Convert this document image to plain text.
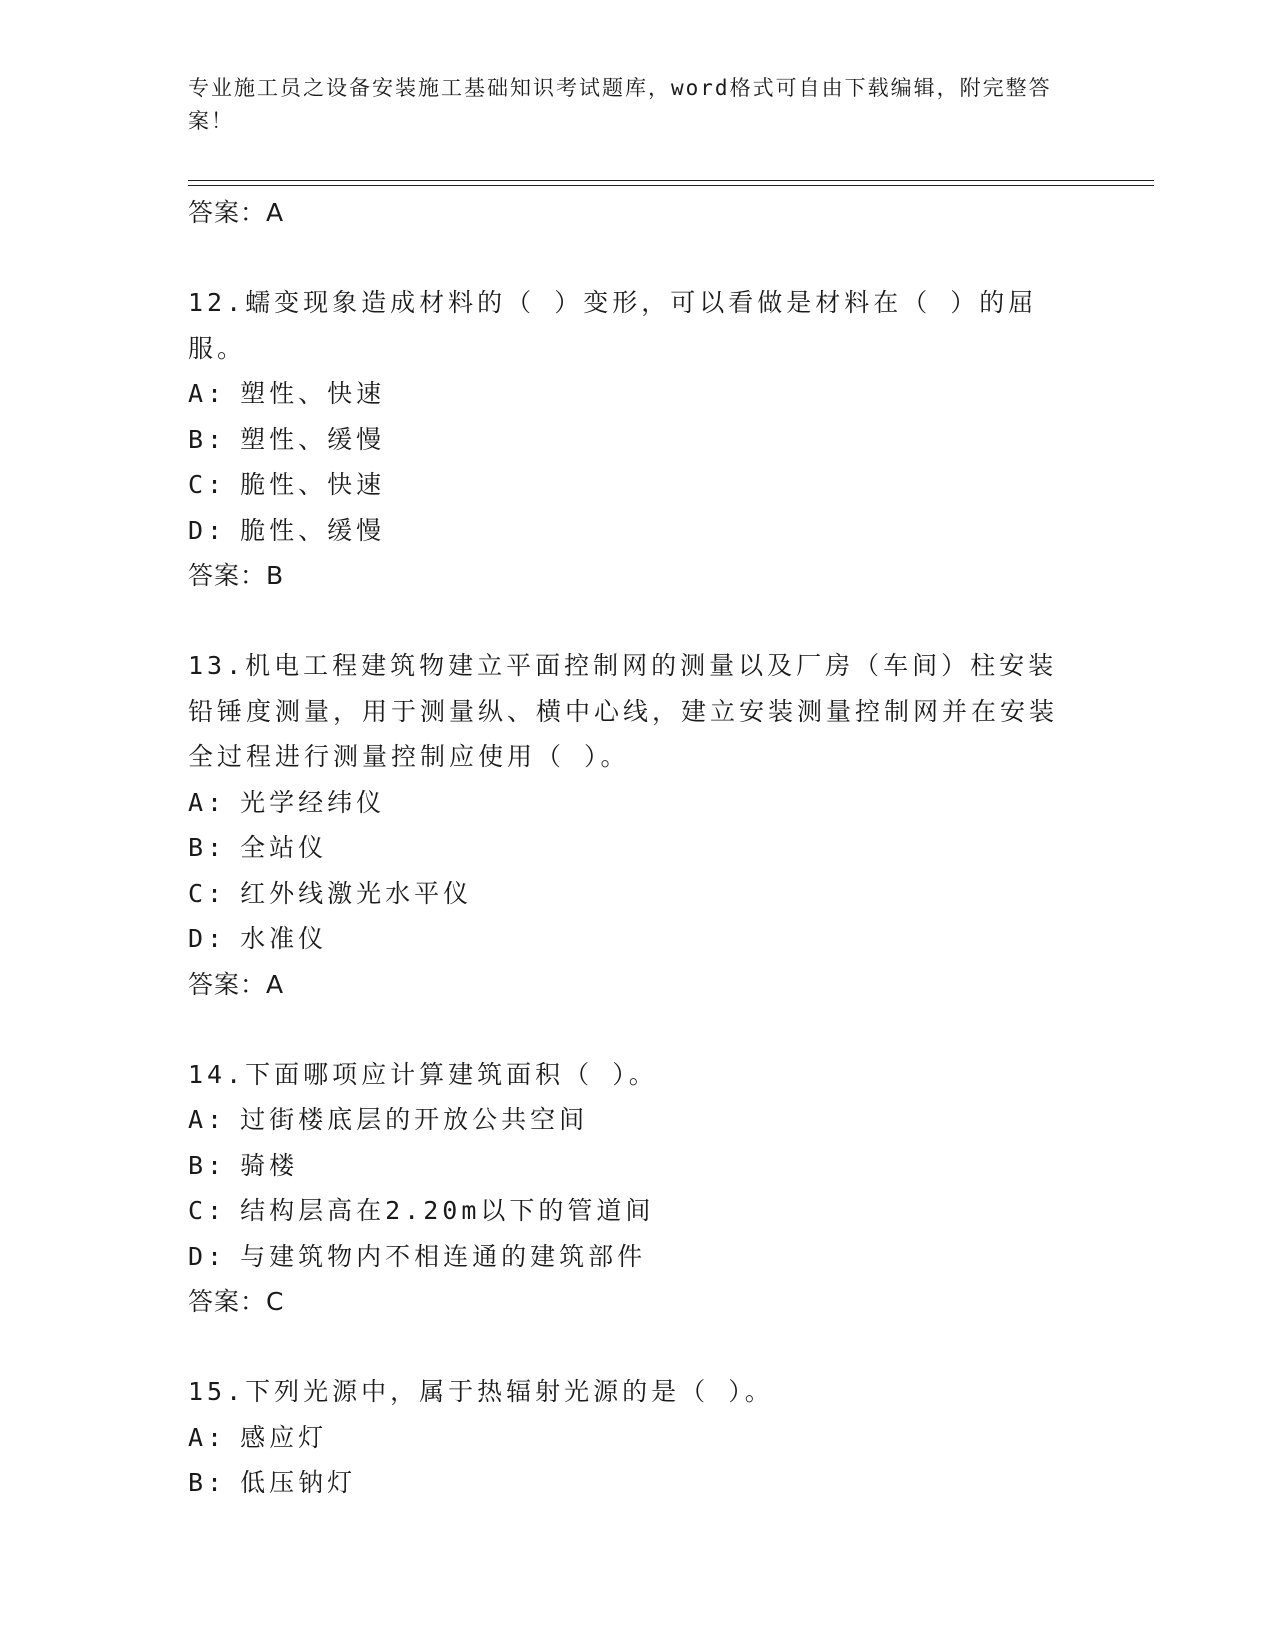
专业施工员之设备安装施工基础知识考试题库，word格式可自由下载编辑，附完整答案！
答案：A
12.蠕变现象造成材料的（ ）变形，可以看做是材料在（ ）的屈服。
A: 塑性、快速
B: 塑性、缓慢
C: 脆性、快速
D: 脆性、缓慢
答案：B
13.机电工程建筑物建立平面控制网的测量以及厂房（车间）柱安装铅锤度测量，用于测量纵、横中心线，建立安装测量控制网并在安装全过程进行测量控制应使用（ ）。
A: 光学经纬仪
B: 全站仪
C: 红外线激光水平仪
D: 水准仪
答案：A
14.下面哪项应计算建筑面积（ ）。
A: 过街楼底层的开放公共空间
B: 骑楼
C: 结构层高在2.20m以下的管道间
D: 与建筑物内不相连通的建筑部件
答案：C
15.下列光源中，属于热辐射光源的是（ ）。
A: 感应灯
B: 低压钠灯
